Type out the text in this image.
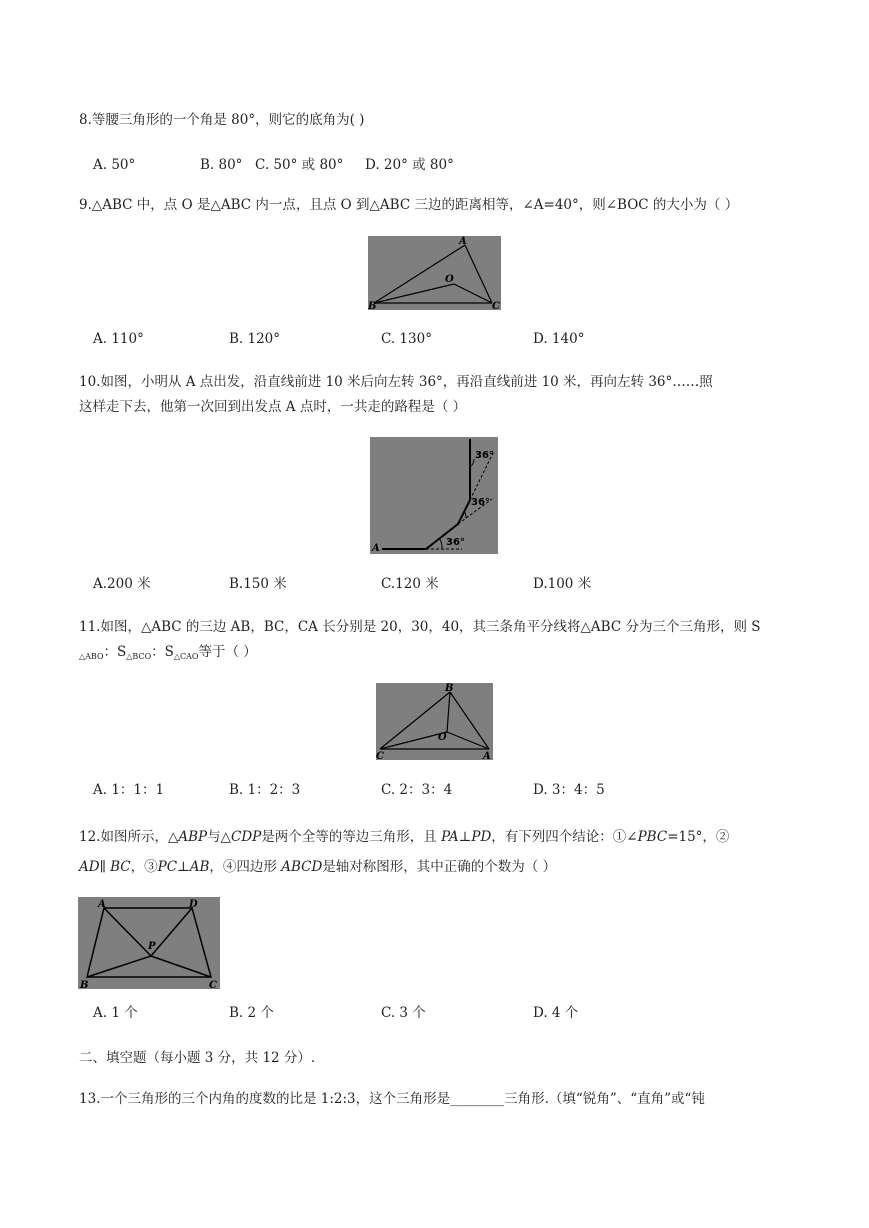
8.等腰三角形的一个角是 80°，则它的底角为( )
A. 50°	B. 80° C. 50° 或 80° D. 20° 或 80°
9.△ABC 中，点 O 是△ABC 内一点，且点 O 到△ABC 三边的距离相等，∠A=40°，则∠BOC 的大小为（ ）
A
O
B	C
A. 110°	B. 120°	C. 130°	D. 140°
10.如图，小明从 A 点出发，沿直线前进 10 米后向左转 36°，再沿直线前进 10 米，再向左转 36°……照
这样走下去，他第一次回到出发点 A 点时，一共走的路程是（ ）
A
36°
36°
36°
A.200 米	B.150 米	C.120 米	D.100 米
11.如图，△ABC 的三边 AB，BC，CA 长分别是 20，30，40，其三条角平分线将△ABC 分为三个三角形，则 S
$_{\triangle ABO}$：$S_{\triangle BCO}$：$S_{\triangle CAO}$等于（ ）
B
O
C	A
A. 1：1：1	B. 1：2：3	C. 2：3：4	D. 3：4：5
12.如图所示，△ABP与△CDP是两个全等的等边三角形，且 PA⊥PD，有下列四个结论：①∠PBC=15°，②
AD∥ BC，③PC⊥AB，④四边形 ABCD是轴对称图形，其中正确的个数为（ ）
A	D
P
B	C
A. 1 个	B. 2 个	C. 3 个	D. 4 个
二、填空题（每小题 3 分，共 12 分）.
13.一个三角形的三个内角的度数的比是 1:2:3，这个三角形是________三角形.（填“锐角”、“直角”或“钝
